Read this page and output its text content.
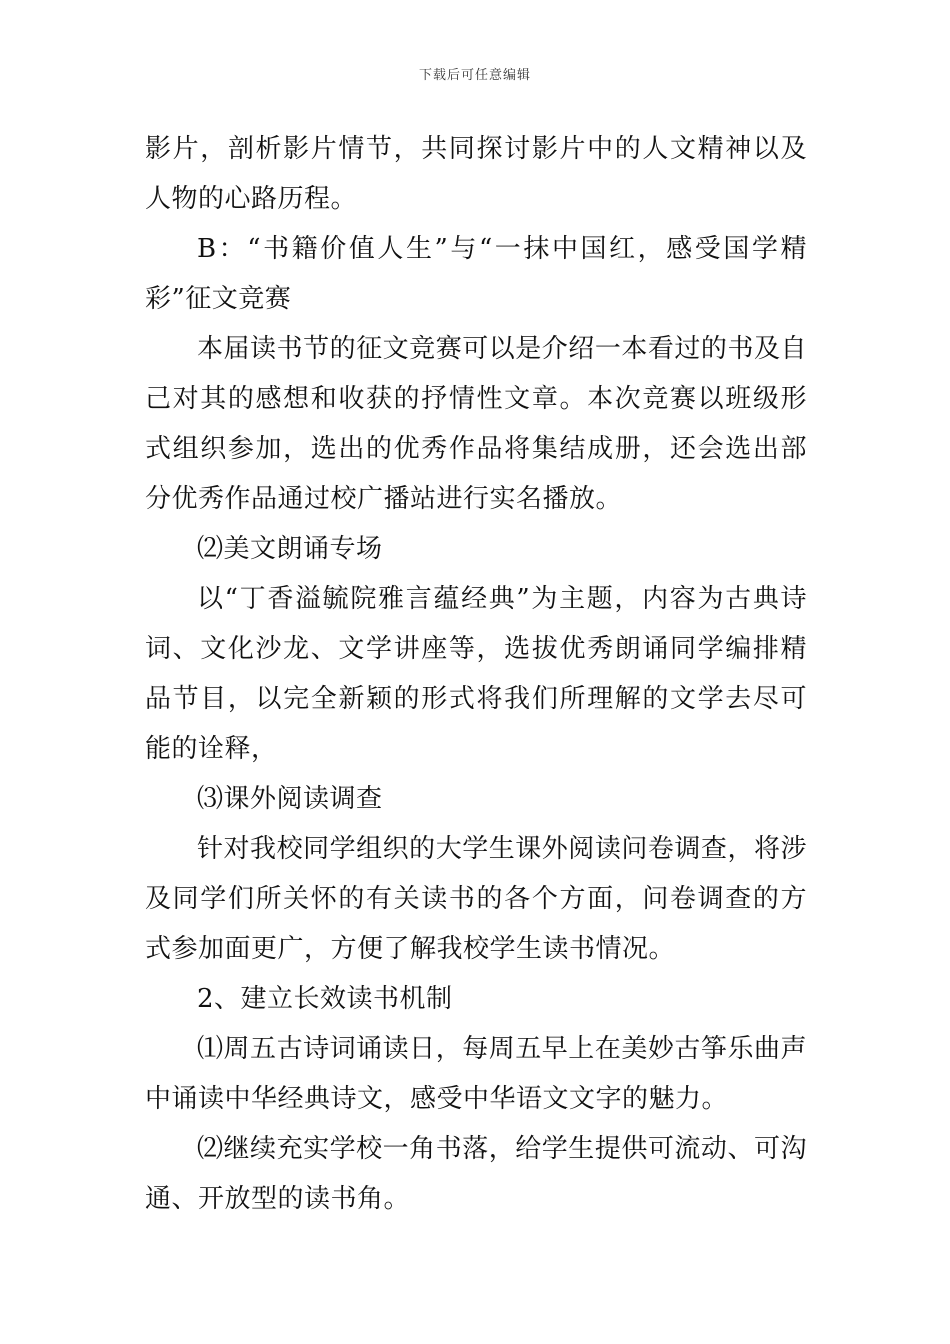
下载后可任意编辑

影片，剖析影片情节，共同探讨影片中的人文精神以及人物的心路历程。

B：“书籍价值人生”与“一抹中国红，感受国学精彩”征文竞赛

本届读书节的征文竞赛可以是介绍一本看过的书及自己对其的感想和收获的抒情性文章。本次竞赛以班级形式组织参加，选出的优秀作品将集结成册，还会选出部分优秀作品通过校广播站进行实名播放。

⑵美文朗诵专场

以“丁香溢毓院雅言蕴经典”为主题，内容为古典诗词、文化沙龙、文学讲座等，选拔优秀朗诵同学编排精品节目，以完全新颖的形式将我们所理解的文学去尽可能的诠释，

⑶课外阅读调查

针对我校同学组织的大学生课外阅读问卷调查，将涉及同学们所关怀的有关读书的各个方面，问卷调查的方式参加面更广，方便了解我校学生读书情况。

2、建立长效读书机制

⑴周五古诗词诵读日，每周五早上在美妙古筝乐曲声中诵读中华经典诗文，感受中华语文文字的魅力。

⑵继续充实学校一角书落，给学生提供可流动、可沟通、开放型的读书角。
